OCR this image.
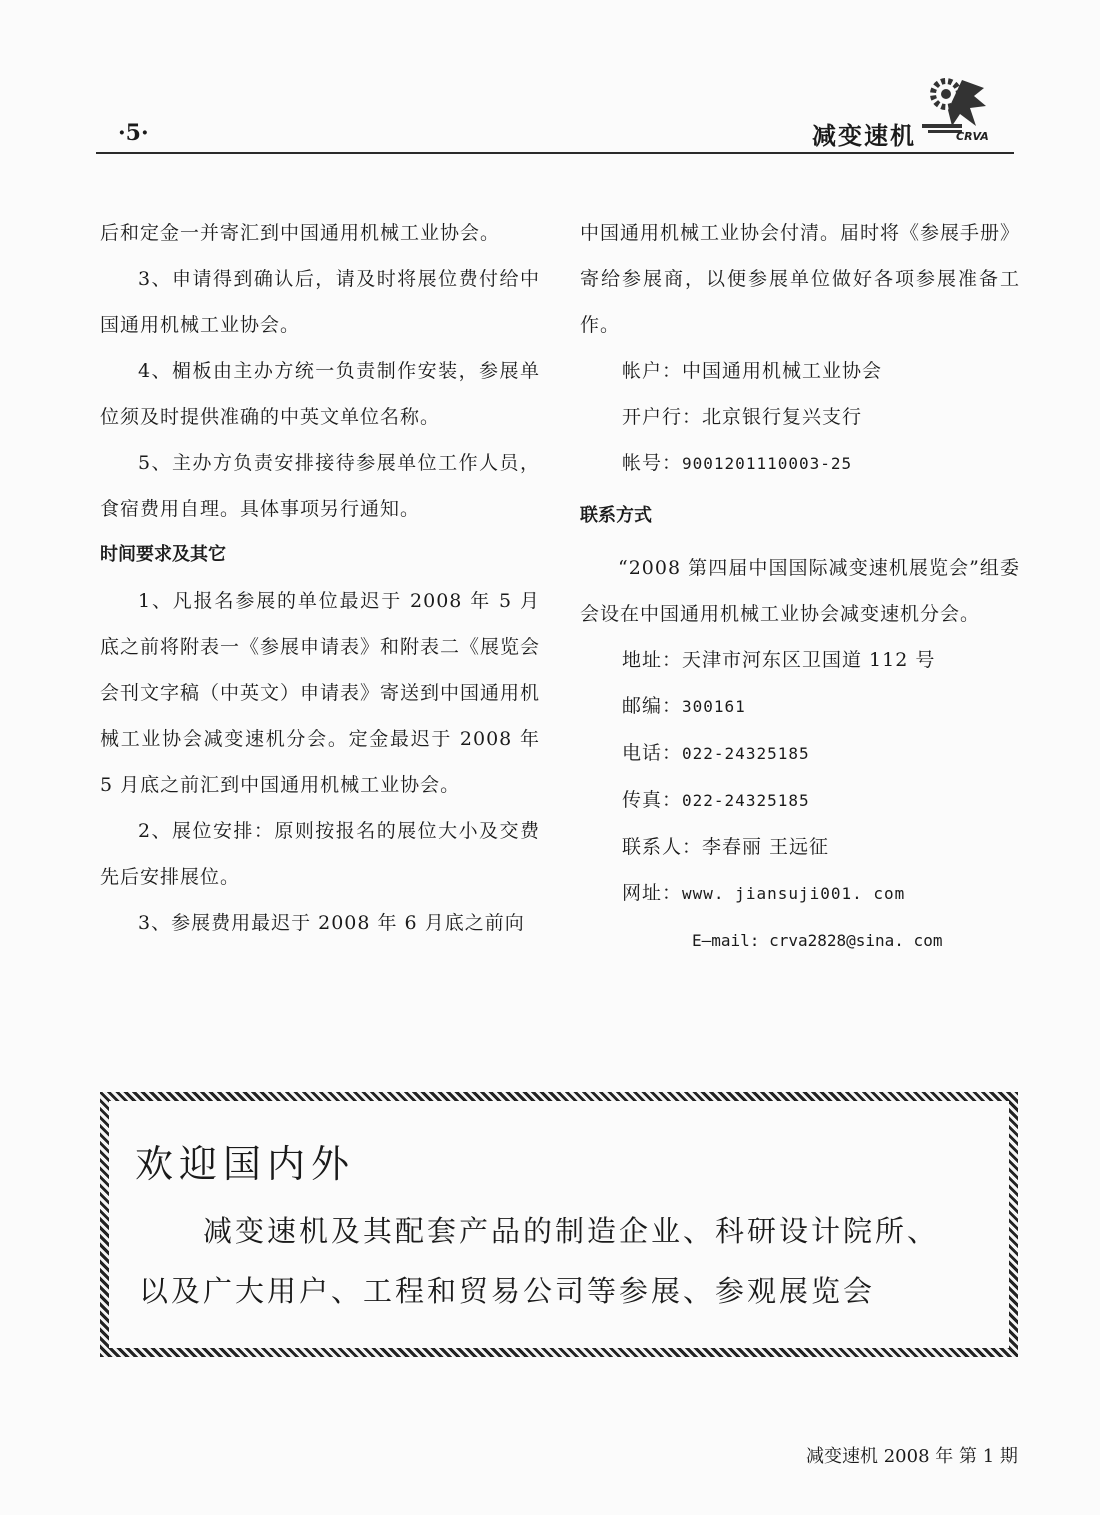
·5·	减变速机	CRVA

后和定金一并寄汇到中国通用机械工业协会。

3、申请得到确认后，请及时将展位费付给中国通用机械工业协会。

4、楣板由主办方统一负责制作安装，参展单位须及时提供准确的中英文单位名称。

5、主办方负责安排接待参展单位工作人员，食宿费用自理。具体事项另行通知。

时间要求及其它

1、凡报名参展的单位最迟于 2008 年 5 月底之前将附表一《参展申请表》和附表二《展览会会刊文字稿（中英文）申请表》寄送到中国通用机械工业协会减变速机分会。定金最迟于 2008 年 5 月底之前汇到中国通用机械工业协会。

2、展位安排：原则按报名的展位大小及交费先后安排展位。

3、参展费用最迟于 2008 年 6 月底之前向

中国通用机械工业协会付清。届时将《参展手册》寄给参展商，以便参展单位做好各项参展准备工作。

帐户：中国通用机械工业协会

开户行：北京银行复兴支行

帐号：9001201110003-25

联系方式

“2008 第四届中国国际减变速机展览会”组委会设在中国通用机械工业协会减变速机分会。

地址：天津市河东区卫国道 112 号

邮编：300161

电话：022-24325185

传真：022-24325185

联系人：李春丽 王远征

网址：www. jiansuji001. com

E—mail: crva2828@sina. com

欢迎国内外
减变速机及其配套产品的制造企业、科研设计院所、
以及广大用户、工程和贸易公司等参展、参观展览会
减变速机 2008 年 第 1 期
